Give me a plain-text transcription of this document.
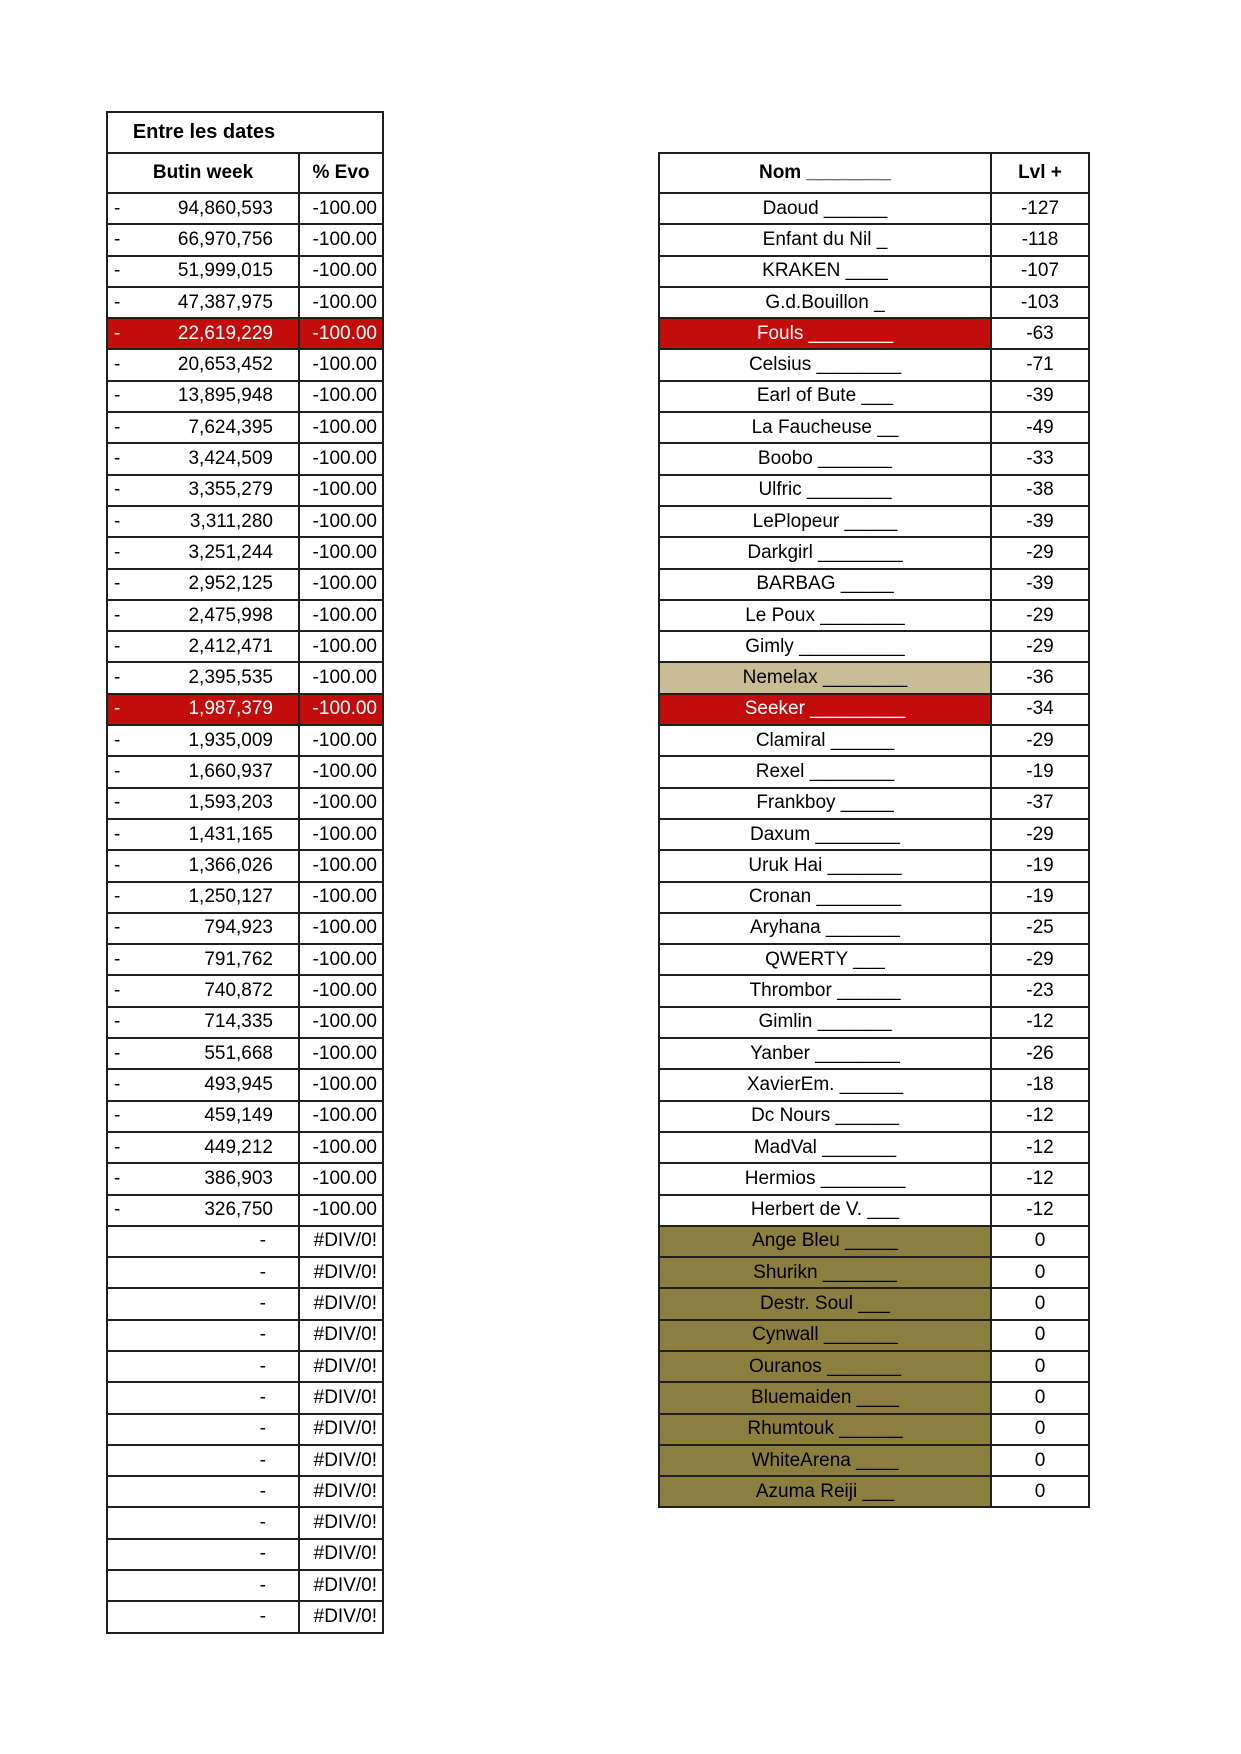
Entre les dates	

Butin week	% Evo

- 94,860,593	-100.00

- 66,970,756	-100.00

- 51,999,015	-100.00

- 47,387,975	-100.00

- 22,619,229	-100.00

- 20,653,452	-100.00

- 13,895,948	-100.00

- 7,624,395	-100.00

- 3,424,509	-100.00

- 3,355,279	-100.00

- 3,311,280	-100.00

- 3,251,244	-100.00

- 2,952,125	-100.00

- 2,475,998	-100.00

- 2,412,471	-100.00

- 2,395,535	-100.00

- 1,987,379	-100.00

- 1,935,009	-100.00

- 1,660,937	-100.00

- 1,593,203	-100.00

- 1,431,165	-100.00

- 1,366,026	-100.00

- 1,250,127	-100.00

- 794,923	-100.00

- 791,762	-100.00

- 740,872	-100.00

- 714,335	-100.00

- 551,668	-100.00

- 493,945	-100.00

- 459,149	-100.00

- 449,212	-100.00

- 386,903	-100.00

- 326,750	-100.00

-	#DIV/0!

-	#DIV/0!

-	#DIV/0!

-	#DIV/0!

-	#DIV/0!

-	#DIV/0!

-	#DIV/0!

-	#DIV/0!

-	#DIV/0!

-	#DIV/0!

-	#DIV/0!

-	#DIV/0!

-	#DIV/0!
Nom ________	Lvl +
Daoud ______	-127
Enfant du Nil _	-118
KRAKEN ____	-107
G.d.Bouillon _	-103
Fouls ________	-63
Celsius ________	-71
Earl of Bute ___	-39
La Faucheuse __	-49
Boobo _______	-33
Ulfric ________	-38
LePlopeur _____	-39
Darkgirl ________	-29
BARBAG _____	-39
Le Poux ________	-29
Gimly __________	-29
Nemelax ________	-36
Seeker _________	-34
Clamiral ______	-29
Rexel ________	-19
Frankboy _____	-37
Daxum ________	-29
Uruk Hai _______	-19
Cronan ________	-19
Aryhana _______	-25
QWERTY ___	-29
Thrombor ______	-23
Gimlin _______	-12
Yanber ________	-26
XavierEm. ______	-18
Dc Nours ______	-12
MadVal _______	-12
Hermios ________	-12
Herbert de V. ___	-12
Ange Bleu _____	0
Shurikn _______	0
Destr. Soul ___	0
Cynwall _______	0
Ouranos _______	0
Bluemaiden ____	0
Rhumtouk ______	0
WhiteArena ____	0
Azuma Reiji ___	0
